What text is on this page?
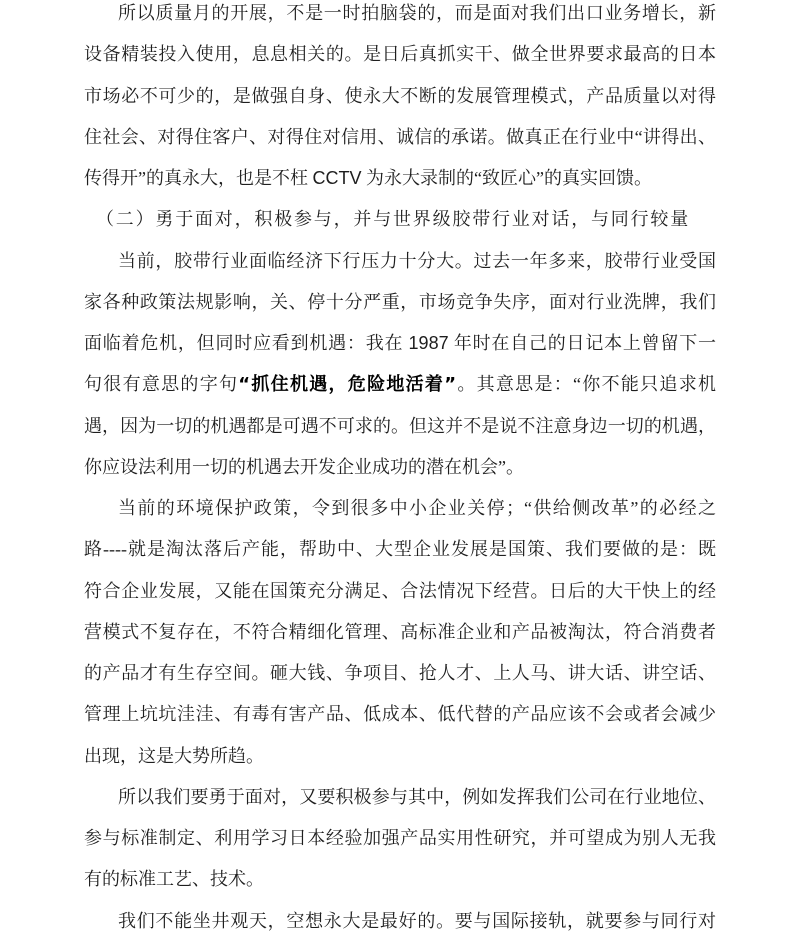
所以质量月的开展，不是一时拍脑袋的，而是面对我们出口业务增长，新
设备精装投入使用，息息相关的。是日后真抓实干、做全世界要求最高的日本
市场必不可少的，是做强自身、使永大不断的发展管理模式，产品质量以对得
住社会、对得住客户、对得住对信用、诚信的承诺。做真正在行业中“讲得出、
传得开”的真永大，也是不枉 CCTV 为永大录制的“致匠心”的真实回馈。
（二）勇于面对，积极参与，并与世界级胶带行业对话，与同行较量
当前，胶带行业面临经济下行压力十分大。过去一年多来，胶带行业受国
家各种政策法规影响，关、停十分严重，市场竞争失序，面对行业洗牌，我们
面临着危机，但同时应看到机遇：我在 1987 年时在自己的日记本上曾留下一
句很有意思的字句“抓住机遇，危险地活着”。其意思是：“你不能只追求机
遇，因为一切的机遇都是可遇不可求的。但这并不是说不注意身边一切的机遇，
你应设法利用一切的机遇去开发企业成功的潜在机会”。
当前的环境保护政策，令到很多中小企业关停；“供给侧改革”的必经之
路----就是淘汰落后产能，帮助中、大型企业发展是国策、我们要做的是：既
符合企业发展，又能在国策充分满足、合法情况下经营。日后的大干快上的经
营模式不复存在，不符合精细化管理、高标准企业和产品被淘汰，符合消费者
的产品才有生存空间。砸大钱、争项目、抢人才、上人马、讲大话、讲空话、
管理上坑坑洼洼、有毒有害产品、低成本、低代替的产品应该不会或者会减少
出现，这是大势所趋。
所以我们要勇于面对，又要积极参与其中，例如发挥我们公司在行业地位、
参与标准制定、利用学习日本经验加强产品实用性研究，并可望成为别人无我
有的标准工艺、技术。
我们不能坐井观天，空想永大是最好的。要与国际接轨，就要参与同行对
